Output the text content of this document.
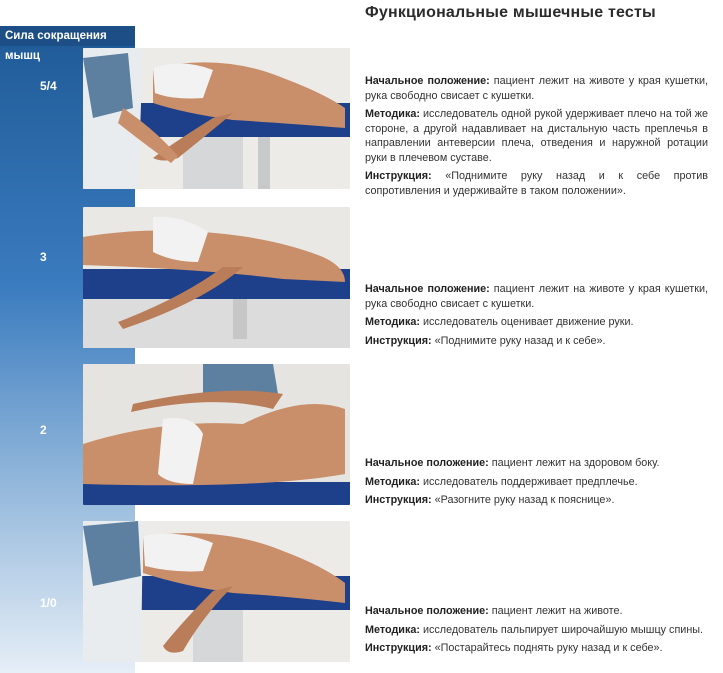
Функциональные мышечные тесты
Сила сокращения мышц
5/4
3
2
1/0

Начальное положение: пациент лежит на животе у края кушетки, рука свободно свисает с кушетки.

Методика: исследователь одной рукой удерживает плечо на той же стороне, а другой надавливает на дистальную часть преплечья в направлении антеверсии плеча, отведения и наружной ротации руки в плечевом суставе.

Инструкция: «Поднимите руку назад и к себе против сопротивления и удерживайте в таком положении».

Начальное положение: пациент лежит на животе у края кушетки, рука свободно свисает с кушетки.

Методика: исследователь оценивает движение руки.

Инструкция: «Поднимите руку назад и к себе».

Начальное положение: пациент лежит на здоровом боку.

Методика: исследователь поддерживает предплечье.

Инструкция: «Разогните руку назад к пояснице».

Начальное положение: пациент лежит на животе.

Методика: исследователь пальпирует широчайшую мышцу спины.

Инструкция: «Постарайтесь поднять руку назад и к себе».
